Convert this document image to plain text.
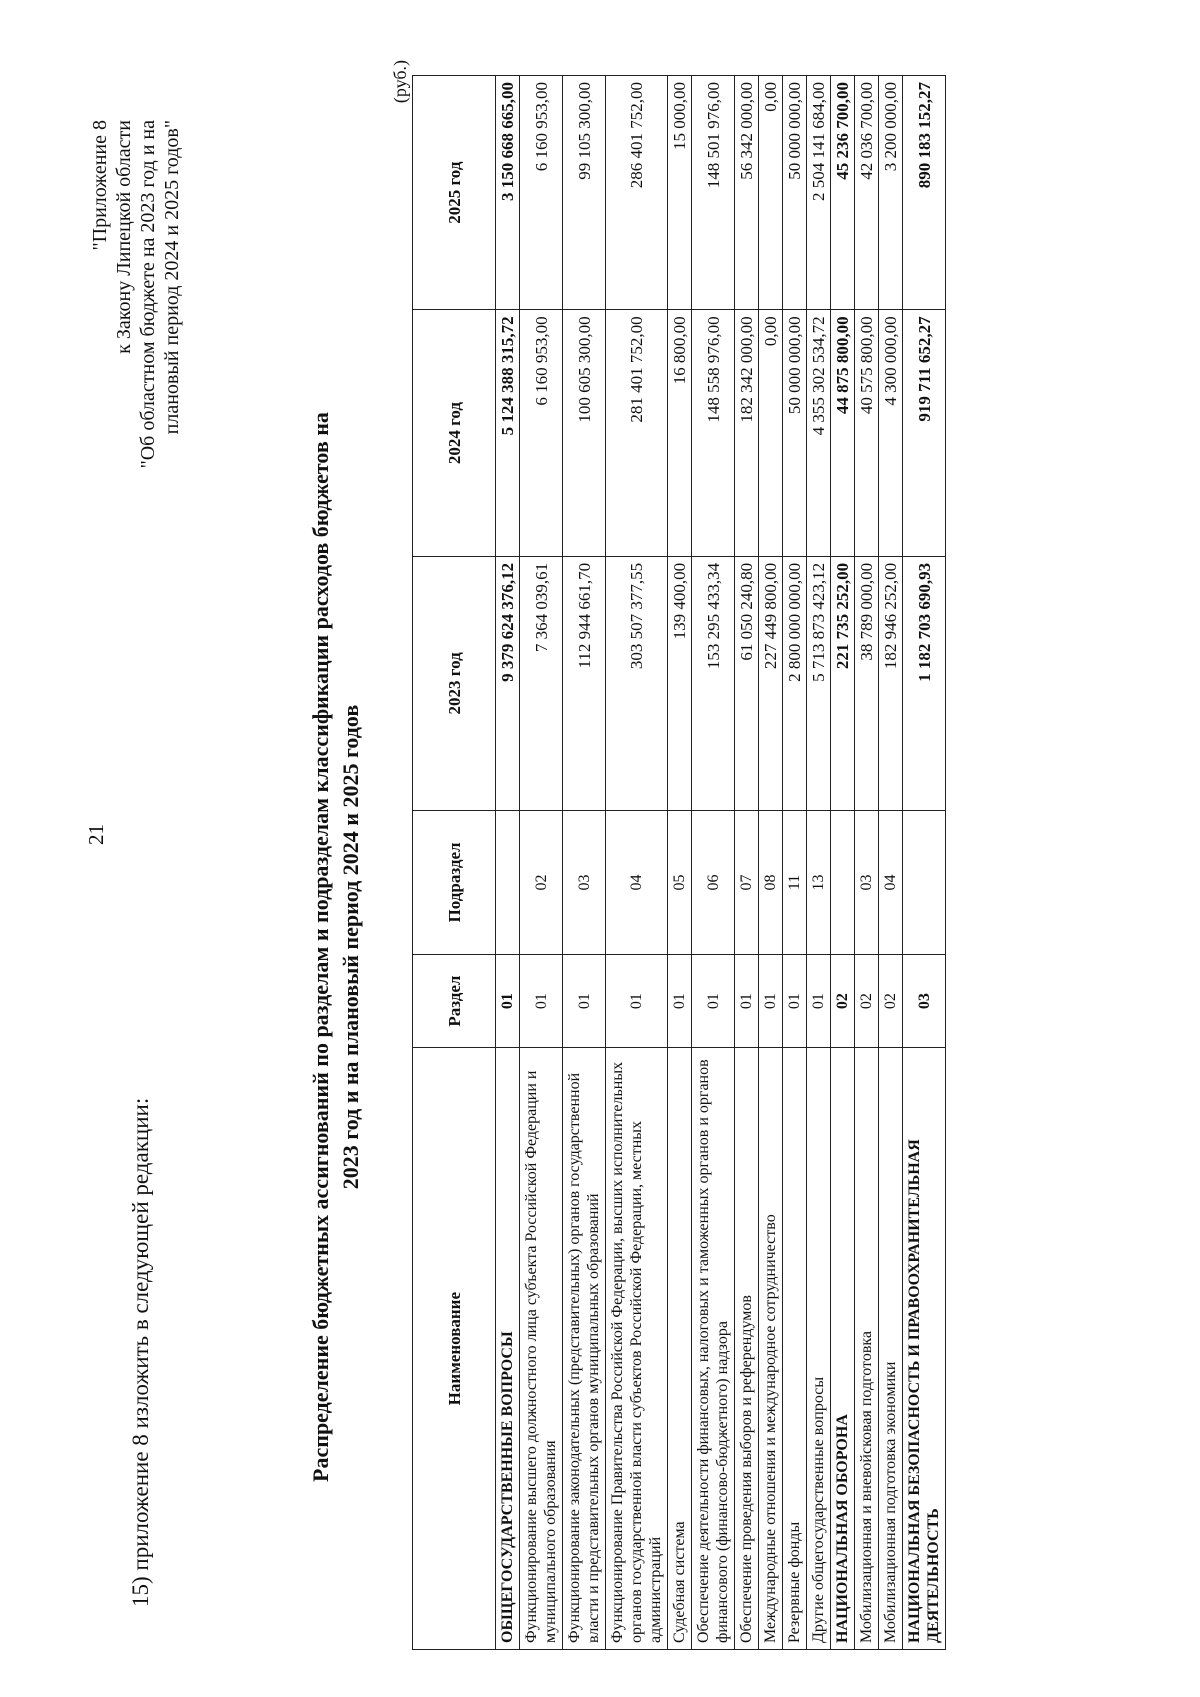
21
15) приложение 8 изложить в следующей редакции:
"Приложение 8 к Закону Липецкой области "Об областном бюджете на 2023 год и на плановый период 2024 и 2025 годов"
Распределение бюджетных ассигнований по разделам и подразделам классификации расходов бюджетов на 2023 год и на плановый период 2024 и 2025 годов
(руб.)
Наименование	Раздел	Подраздел	2023 год	2024 год	2025 год
ОБЩЕГОСУДАРСТВЕННЫЕ ВОПРОСЫ	01		9 379 624 376,12	5 124 388 315,72	3 150 668 665,00
Функционирование высшего должностного лица субъекта Российской Федерации и муниципального образования	01	02	7 364 039,61	6 160 953,00	6 160 953,00
Функционирование законодательных (представительных) органов государственной власти и представительных органов муниципальных образований	01	03	112 944 661,70	100 605 300,00	99 105 300,00
Функционирование Правительства Российской Федерации, высших исполнительных органов государственной власти субъектов Российской Федерации, местных администраций	01	04	303 507 377,55	281 401 752,00	286 401 752,00
Судебная система	01	05	139 400,00	16 800,00	15 000,00
Обеспечение деятельности финансовых, налоговых и таможенных органов и органов финансового (финансово-бюджетного) надзора	01	06	153 295 433,34	148 558 976,00	148 501 976,00
Обеспечение проведения выборов и референдумов	01	07	61 050 240,80	182 342 000,00	56 342 000,00
Международные отношения и международное сотрудничество	01	08	227 449 800,00	0,00	0,00
Резервные фонды	01	11	2 800 000 000,00	50 000 000,00	50 000 000,00
Другие общегосударственные вопросы	01	13	5 713 873 423,12	4 355 302 534,72	2 504 141 684,00
НАЦИОНАЛЬНАЯ ОБОРОНА	02		221 735 252,00	44 875 800,00	45 236 700,00
Мобилизационная и вневойсковая подготовка	02	03	38 789 000,00	40 575 800,00	42 036 700,00
Мобилизационная подготовка экономики	02	04	182 946 252,00	4 300 000,00	3 200 000,00
НАЦИОНАЛЬНАЯ БЕЗОПАСНОСТЬ И ПРАВООХРАНИТЕЛЬНАЯ ДЕЯТЕЛЬНОСТЬ	03		1 182 703 690,93	919 711 652,27	890 183 152,27
